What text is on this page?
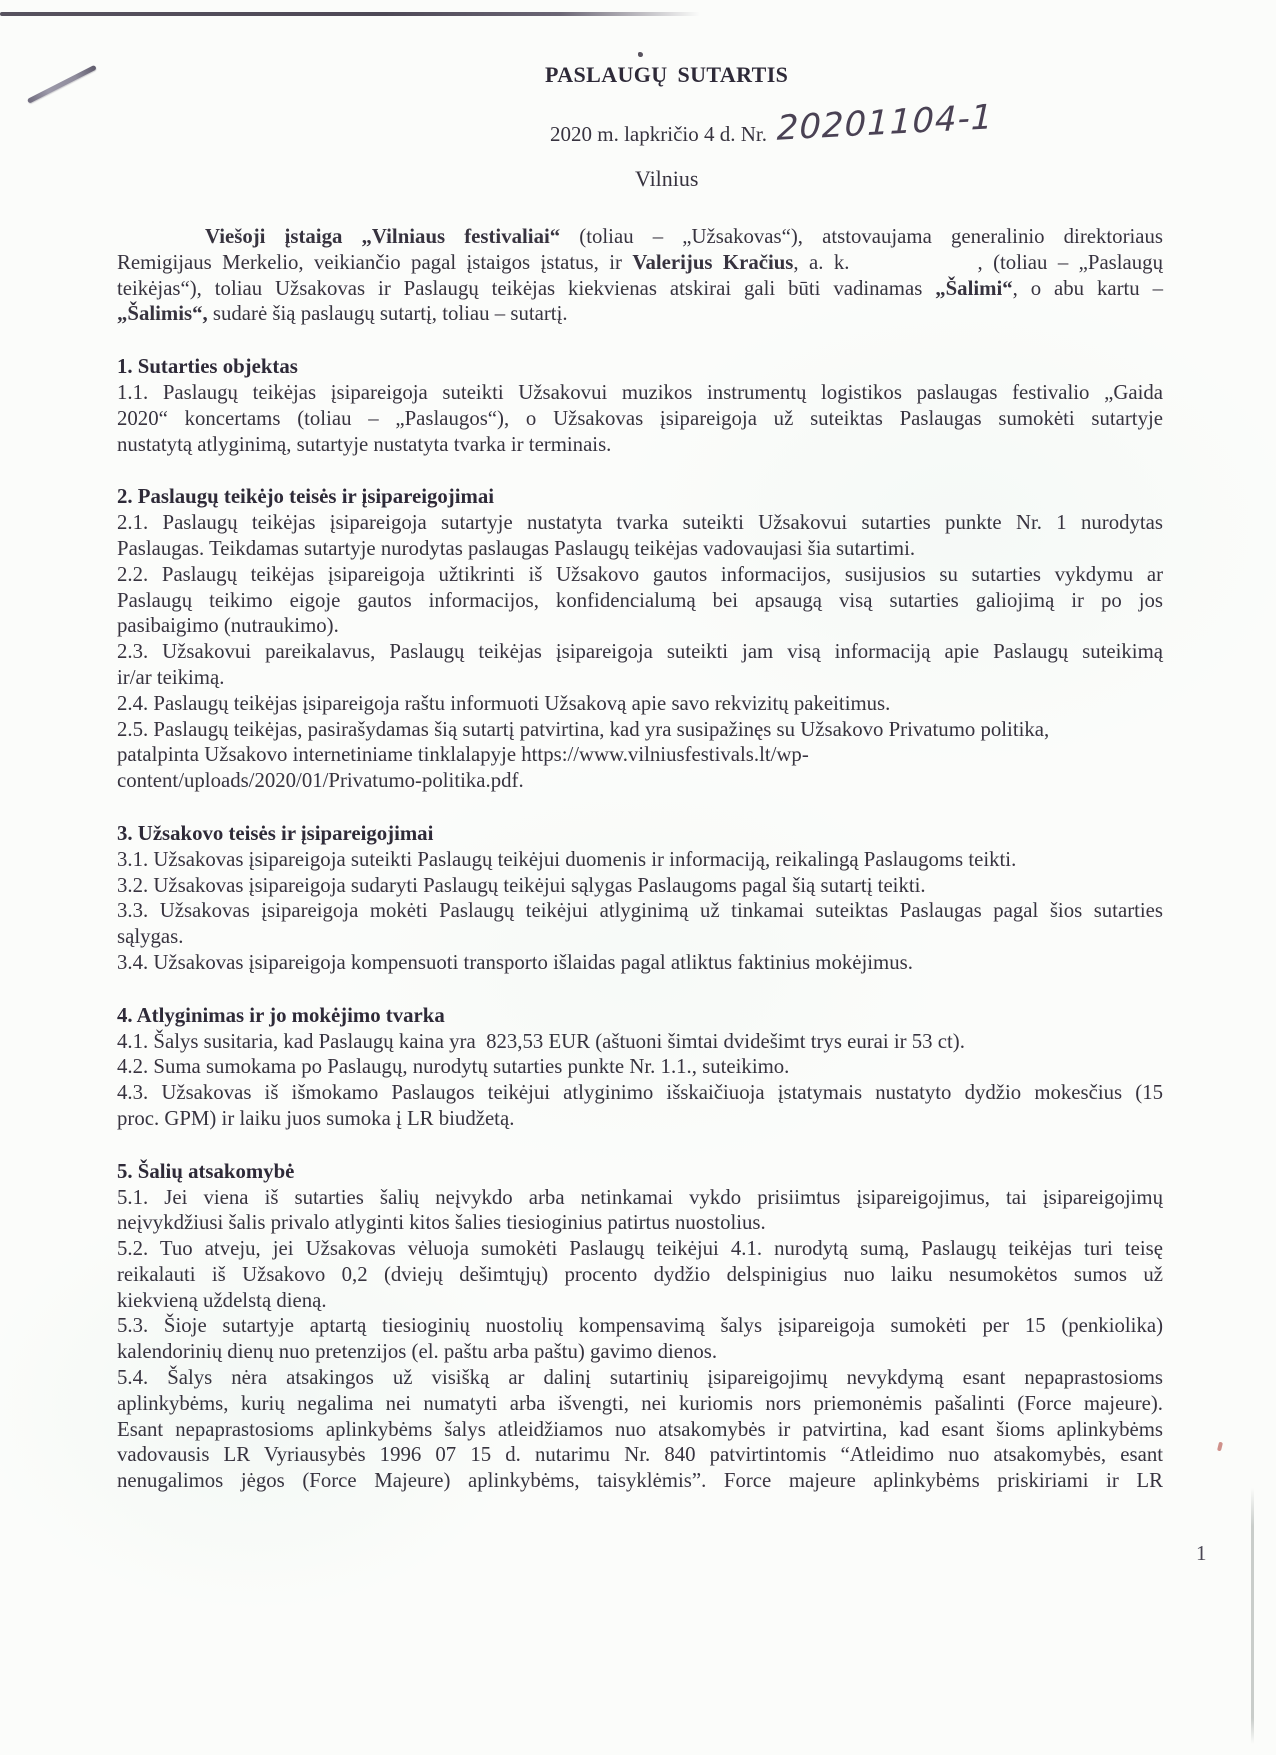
PASLAUGŲ SUTARTIS
2020 m. lapkričio 4 d. Nr. 20201104-1
Vilnius
Viešoji įstaiga „Vilniaus festivaliai“ (toliau – „Užsakovas“), atstovaujama generalinio direktoriaus
Remigijaus Merkelio, veikiančio pagal įstaigos įstatus, ir Valerijus Kračius, a. k.	, (toliau – „Paslaugų
teikėjas“), toliau Užsakovas ir Paslaugų teikėjas kiekvienas atskirai gali būti vadinamas „Šalimi“, o abu kartu –
„Šalimis“, sudarė šią paslaugų sutartį, toliau – sutartį.
1. Sutarties objektas
1.1. Paslaugų teikėjas įsipareigoja suteikti Užsakovui muzikos instrumentų logistikos paslaugas festivalio „Gaida
2020“ koncertams (toliau – „Paslaugos“), o Užsakovas įsipareigoja už suteiktas Paslaugas sumokėti sutartyje
nustatytą atlyginimą, sutartyje nustatyta tvarka ir terminais.
2. Paslaugų teikėjo teisės ir įsipareigojimai
2.1. Paslaugų teikėjas įsipareigoja sutartyje nustatyta tvarka suteikti Užsakovui sutarties punkte Nr. 1 nurodytas
Paslaugas. Teikdamas sutartyje nurodytas paslaugas Paslaugų teikėjas vadovaujasi šia sutartimi.
2.2. Paslaugų teikėjas įsipareigoja užtikrinti iš Užsakovo gautos informacijos, susijusios su sutarties vykdymu ar
Paslaugų teikimo eigoje gautos informacijos, konfidencialumą bei apsaugą visą sutarties galiojimą ir po jos
pasibaigimo (nutraukimo).
2.3. Užsakovui pareikalavus, Paslaugų teikėjas įsipareigoja suteikti jam visą informaciją apie Paslaugų suteikimą
ir/ar teikimą.
2.4. Paslaugų teikėjas įsipareigoja raštu informuoti Užsakovą apie savo rekvizitų pakeitimus.
2.5. Paslaugų teikėjas, pasirašydamas šią sutartį patvirtina, kad yra susipažinęs su Užsakovo Privatumo politika,
patalpinta Užsakovo internetiniame tinklalapyje https://www.vilniusfestivals.lt/wp-
content/uploads/2020/01/Privatumo-politika.pdf.
3. Užsakovo teisės ir įsipareigojimai
3.1. Užsakovas įsipareigoja suteikti Paslaugų teikėjui duomenis ir informaciją, reikalingą Paslaugoms teikti.
3.2. Užsakovas įsipareigoja sudaryti Paslaugų teikėjui sąlygas Paslaugoms pagal šią sutartį teikti.
3.3. Užsakovas įsipareigoja mokėti Paslaugų teikėjui atlyginimą už tinkamai suteiktas Paslaugas pagal šios sutarties
sąlygas.
3.4. Užsakovas įsipareigoja kompensuoti transporto išlaidas pagal atliktus faktinius mokėjimus.
4. Atlyginimas ir jo mokėjimo tvarka
4.1. Šalys susitaria, kad Paslaugų kaina yra  823,53 EUR (aštuoni šimtai dvidešimt trys eurai ir 53 ct).
4.2. Suma sumokama po Paslaugų, nurodytų sutarties punkte Nr. 1.1., suteikimo.
4.3. Užsakovas iš išmokamo Paslaugos teikėjui atlyginimo išskaičiuoja įstatymais nustatyto dydžio mokesčius (15
proc. GPM) ir laiku juos sumoka į LR biudžetą.
5. Šalių atsakomybė
5.1. Jei viena iš sutarties šalių neįvykdo arba netinkamai vykdo prisiimtus įsipareigojimus, tai įsipareigojimų
neįvykdžiusi šalis privalo atlyginti kitos šalies tiesioginius patirtus nuostolius.
5.2. Tuo atveju, jei Užsakovas vėluoja sumokėti Paslaugų teikėjui 4.1. nurodytą sumą, Paslaugų teikėjas turi teisę
reikalauti iš Užsakovo 0,2 (dviejų dešimtųjų) procento dydžio delspinigius nuo laiku nesumokėtos sumos už
kiekvieną uždelstą dieną.
5.3. Šioje sutartyje aptartą tiesioginių nuostolių kompensavimą šalys įsipareigoja sumokėti per 15 (penkiolika)
kalendorinių dienų nuo pretenzijos (el. paštu arba paštu) gavimo dienos.
5.4. Šalys nėra atsakingos už visišką ar dalinį sutartinių įsipareigojimų nevykdymą esant nepaprastosioms
aplinkybėms, kurių negalima nei numatyti arba išvengti, nei kuriomis nors priemonėmis pašalinti (Force majeure).
Esant nepaprastosioms aplinkybėms šalys atleidžiamos nuo atsakomybės ir patvirtina, kad esant šioms aplinkybėms
vadovausis LR Vyriausybės 1996 07 15 d. nutarimu Nr. 840 patvirtintomis “Atleidimo nuo atsakomybės, esant
nenugalimos jėgos (Force Majeure) aplinkybėms, taisyklėmis”. Force majeure aplinkybėms priskiriami ir LR
1
